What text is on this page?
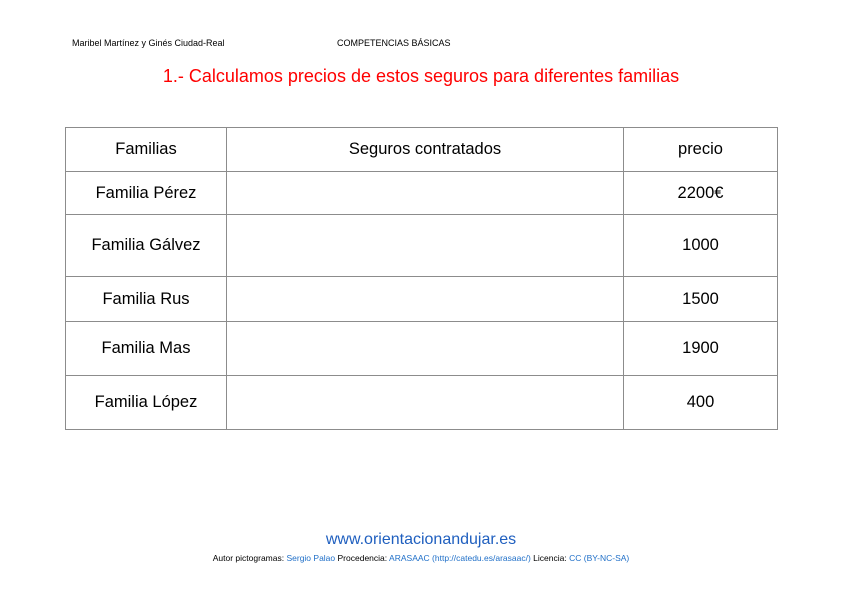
Maribel Martínez y Ginés Ciudad-Real	COMPETENCIAS BÁSICAS
1.- Calculamos precios de estos seguros para diferentes familias
Familias	Seguros contratados	precio
Familia Pérez		2200€
Familia Gálvez		1000
Familia Rus		1500
Familia Mas		1900
Familia López		400
www.orientacionandujar.es
Autor pictogramas: Sergio Palao Procedencia: ARASAAC (http://catedu.es/arasaac/) Licencia: CC (BY-NC-SA)
